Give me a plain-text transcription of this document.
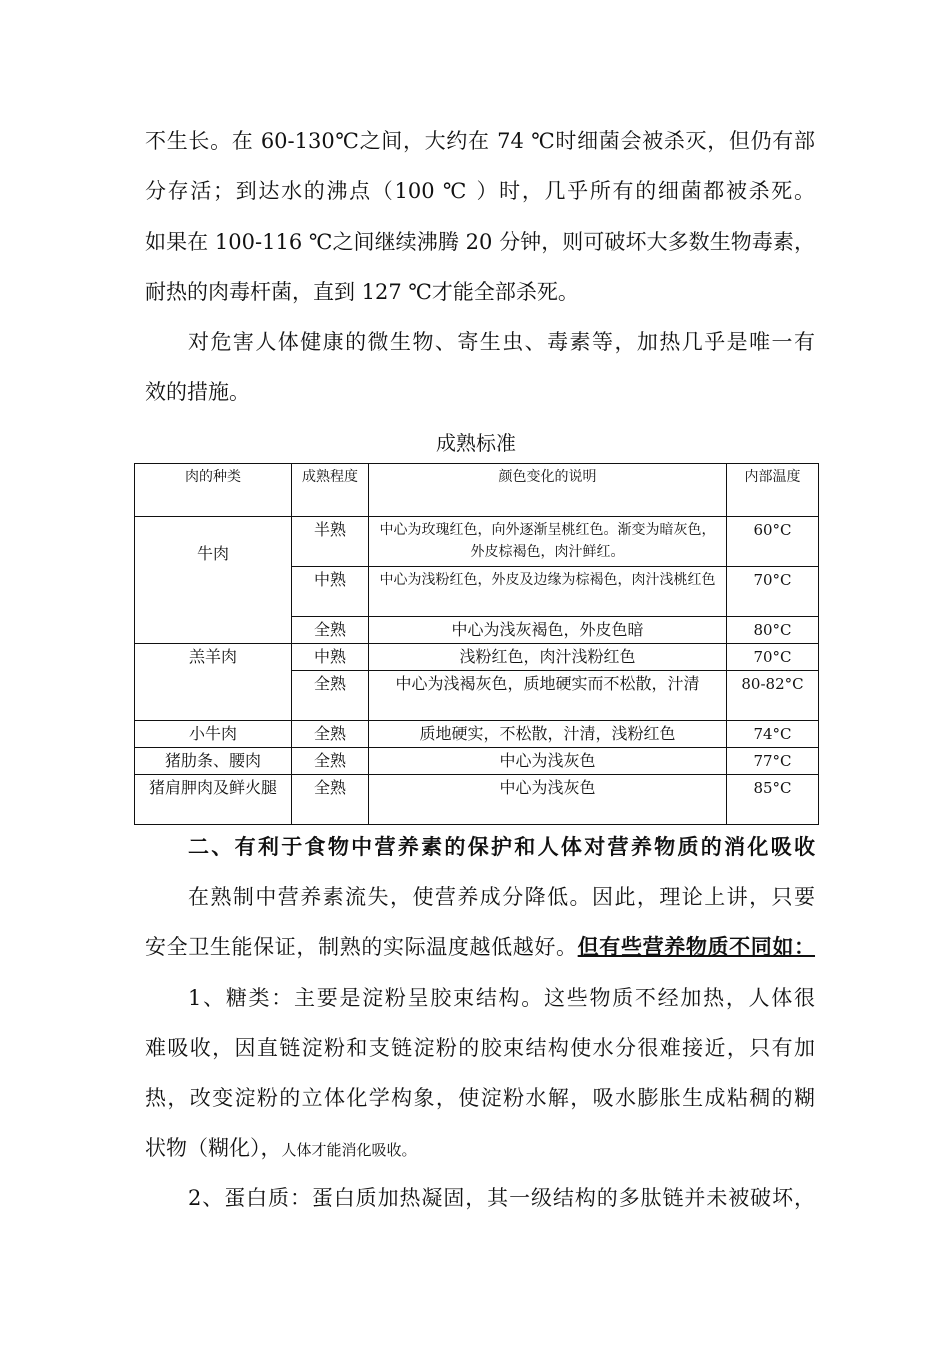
不生长。在 60-130℃之间，大约在 74 ℃时细菌会被杀灭，但仍有部
分存活；到达水的沸点（100 ℃ ）时，几乎所有的细菌都被杀死。
如果在 100-116 ℃之间继续沸腾 20 分钟，则可破坏大多数生物毒素，
耐热的肉毒杆菌，直到 127 ℃才能全部杀死。
对危害人体健康的微生物、寄生虫、毒素等，加热几乎是唯一有
效的措施。
成熟标准
肉的种类	成熟程度	颜色变化的说明	内部温度
牛肉	半熟	中心为玫瑰红色，向外逐渐呈桃红色。渐变为暗灰色，外皮棕褐色，肉汁鲜红。	60°C
	中熟	中心为浅粉红色，外皮及边缘为棕褐色，肉汁浅桃红色	70°C
	全熟	中心为浅灰褐色，外皮色暗	80°C
羔羊肉	中熟	浅粉红色，肉汁浅粉红色	70°C
	全熟	中心为浅褐灰色，质地硬实而不松散，汁清	80-82°C
小牛肉	全熟	质地硬实，不松散，汁清，浅粉红色	74°C
猪肋条、腰肉	全熟	中心为浅灰色	77°C
猪肩胛肉及鲜火腿	全熟	中心为浅灰色	85°C
二、有利于食物中营养素的保护和人体对营养物质的消化吸收
在熟制中营养素流失，使营养成分降低。因此，理论上讲，只要
安全卫生能保证，制熟的实际温度越低越好。但有些营养物质不同如：
1、糖类：主要是淀粉呈胶束结构。这些物质不经加热，人体很
难吸收，因直链淀粉和支链淀粉的胶束结构使水分很难接近，只有加
热，改变淀粉的立体化学构象，使淀粉水解，吸水膨胀生成粘稠的糊
状物（糊化），人体才能消化吸收。
2、蛋白质：蛋白质加热凝固，其一级结构的多肽链并未被破坏，
